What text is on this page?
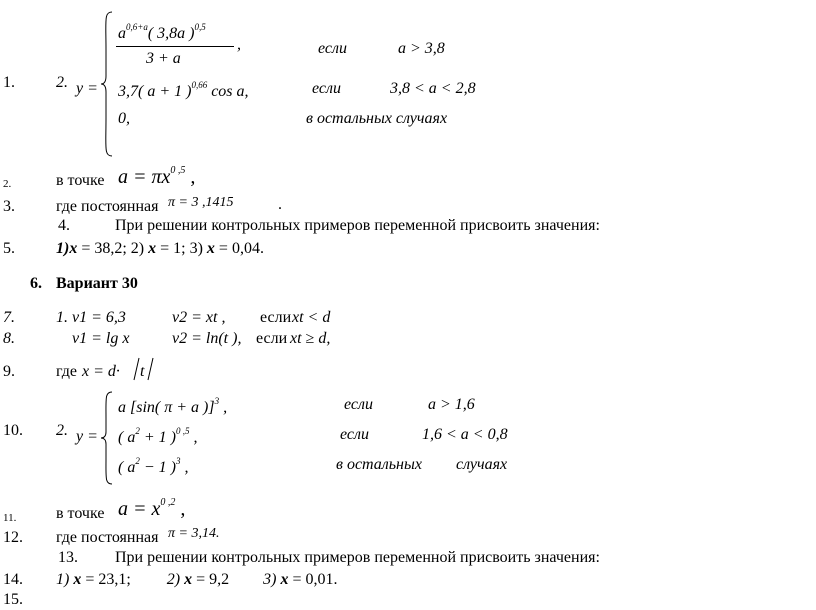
1.	2. y =
$a^{0,6+a}$( 3,8a )$^{0,5}$
3 + a
,	если	a > 3,8
3,7( a + 1 )$^{0,66}$ cos a,	если	3,8 < a < 2,8
0,	в остальных случаях
2.	в точке a = πx$^{0 ,5}$ ,
3.	где постоянная π = 3 ,1415	.
4.	При решении контрольных примеров переменной присвоить значения:
5.	1)x = 38,2; 2) x = 1; 3) x = 0,04.
6. Вариант 30
7.	1. v1 = 6,3	v2 = xt , если xt < d
8.	v1 = lg x	v2 = ln(t ), если xt ≥ d,
9.	где x = d· t
10. 2. y =
a [sin( π + a )]$^3$ ,	если	a > 1,6
( $a^2 + 1$ )$^{0 ,5}$ ,	если	1,6 < a < 0,8
( $a^2 - 1$ )$^3$ ,	в остальных случаях
11. в точке $a = x^{0 ,2}$ ,
12. где постоянная π = 3,14.
13. При решении контрольных примеров переменной присвоить значения:
14. 1) x = 23,1; 2) x = 9,2 3) x = 0,01.
15.
